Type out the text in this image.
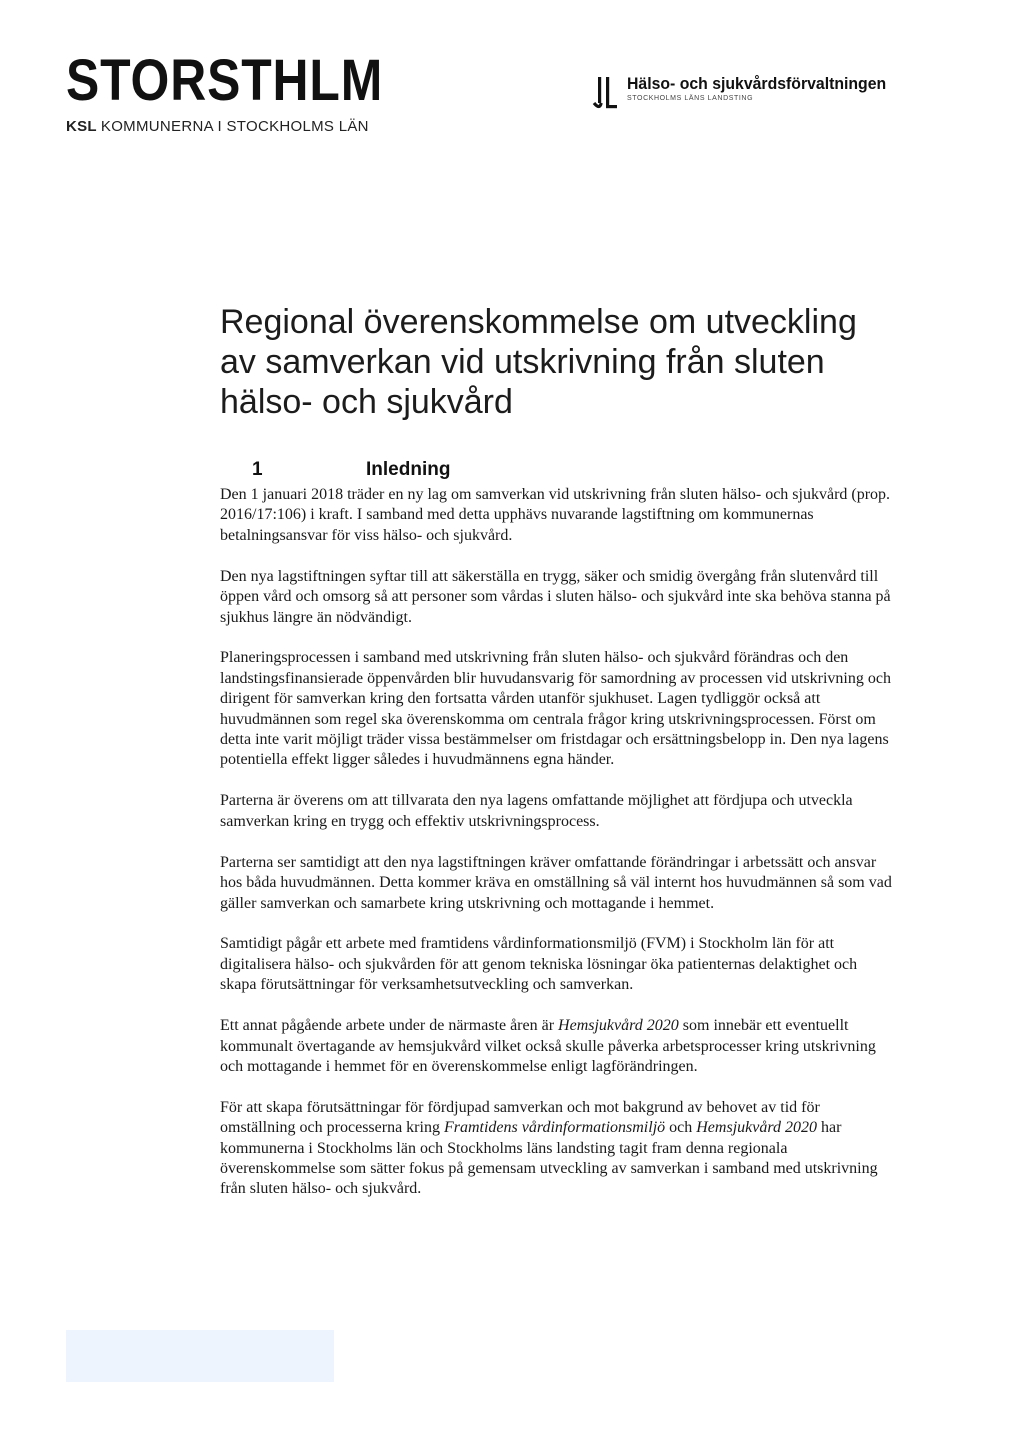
STORSTHLM
KSL KOMMUNERNA I STOCKHOLMS LÄN
Hälso- och sjukvårdsförvaltningen
STOCKHOLMS LÄNS LANDSTING
Regional överenskommelse om utveckling av samverkan vid utskrivning från sluten hälso- och sjukvård
1	Inledning

Den 1 januari 2018 träder en ny lag om samverkan vid utskrivning från sluten hälso- och sjukvård (prop. 2016/17:106) i kraft. I samband med detta upphävs nuvarande lagstiftning om kommunernas betalningsansvar för viss hälso- och sjukvård.

Den nya lagstiftningen syftar till att säkerställa en trygg, säker och smidig övergång från slutenvård till öppen vård och omsorg så att personer som vårdas i sluten hälso- och sjukvård inte ska behöva stanna på sjukhus längre än nödvändigt.

Planeringsprocessen i samband med utskrivning från sluten hälso- och sjukvård förändras och den landstingsfinansierade öppenvården blir huvudansvarig för samordning av processen vid utskrivning och dirigent för samverkan kring den fortsatta vården utanför sjukhuset. Lagen tydliggör också att huvudmännen som regel ska överenskomma om centrala frågor kring utskrivningsprocessen. Först om detta inte varit möjligt träder vissa bestämmelser om fristdagar och ersättningsbelopp in. Den nya lagens potentiella effekt ligger således i huvudmännens egna händer.

Parterna är överens om att tillvarata den nya lagens omfattande möjlighet att fördjupa och utveckla samverkan kring en trygg och effektiv utskrivningsprocess.

Parterna ser samtidigt att den nya lagstiftningen kräver omfattande förändringar i arbetssätt och ansvar hos båda huvudmännen. Detta kommer kräva en omställning så väl internt hos huvudmännen så som vad gäller samverkan och samarbete kring utskrivning och mottagande i hemmet.

Samtidigt pågår ett arbete med framtidens vårdinformationsmiljö (FVM) i Stockholm län för att digitalisera hälso- och sjukvården för att genom tekniska lösningar öka patienternas delaktighet och skapa förutsättningar för verksamhetsutveckling och samverkan.

Ett annat pågående arbete under de närmaste åren är Hemsjukvård 2020 som innebär ett eventuellt kommunalt övertagande av hemsjukvård vilket också skulle påverka arbetsprocesser kring utskrivning och mottagande i hemmet för en överenskommelse enligt lagförändringen.

För att skapa förutsättningar för fördjupad samverkan och mot bakgrund av behovet av tid för omställning och processerna kring Framtidens vårdinformationsmiljö och Hemsjukvård 2020 har kommunerna i Stockholms län och Stockholms läns landsting tagit fram denna regionala överenskommelse som sätter fokus på gemensam utveckling av samverkan i samband med utskrivning från sluten hälso- och sjukvård.
